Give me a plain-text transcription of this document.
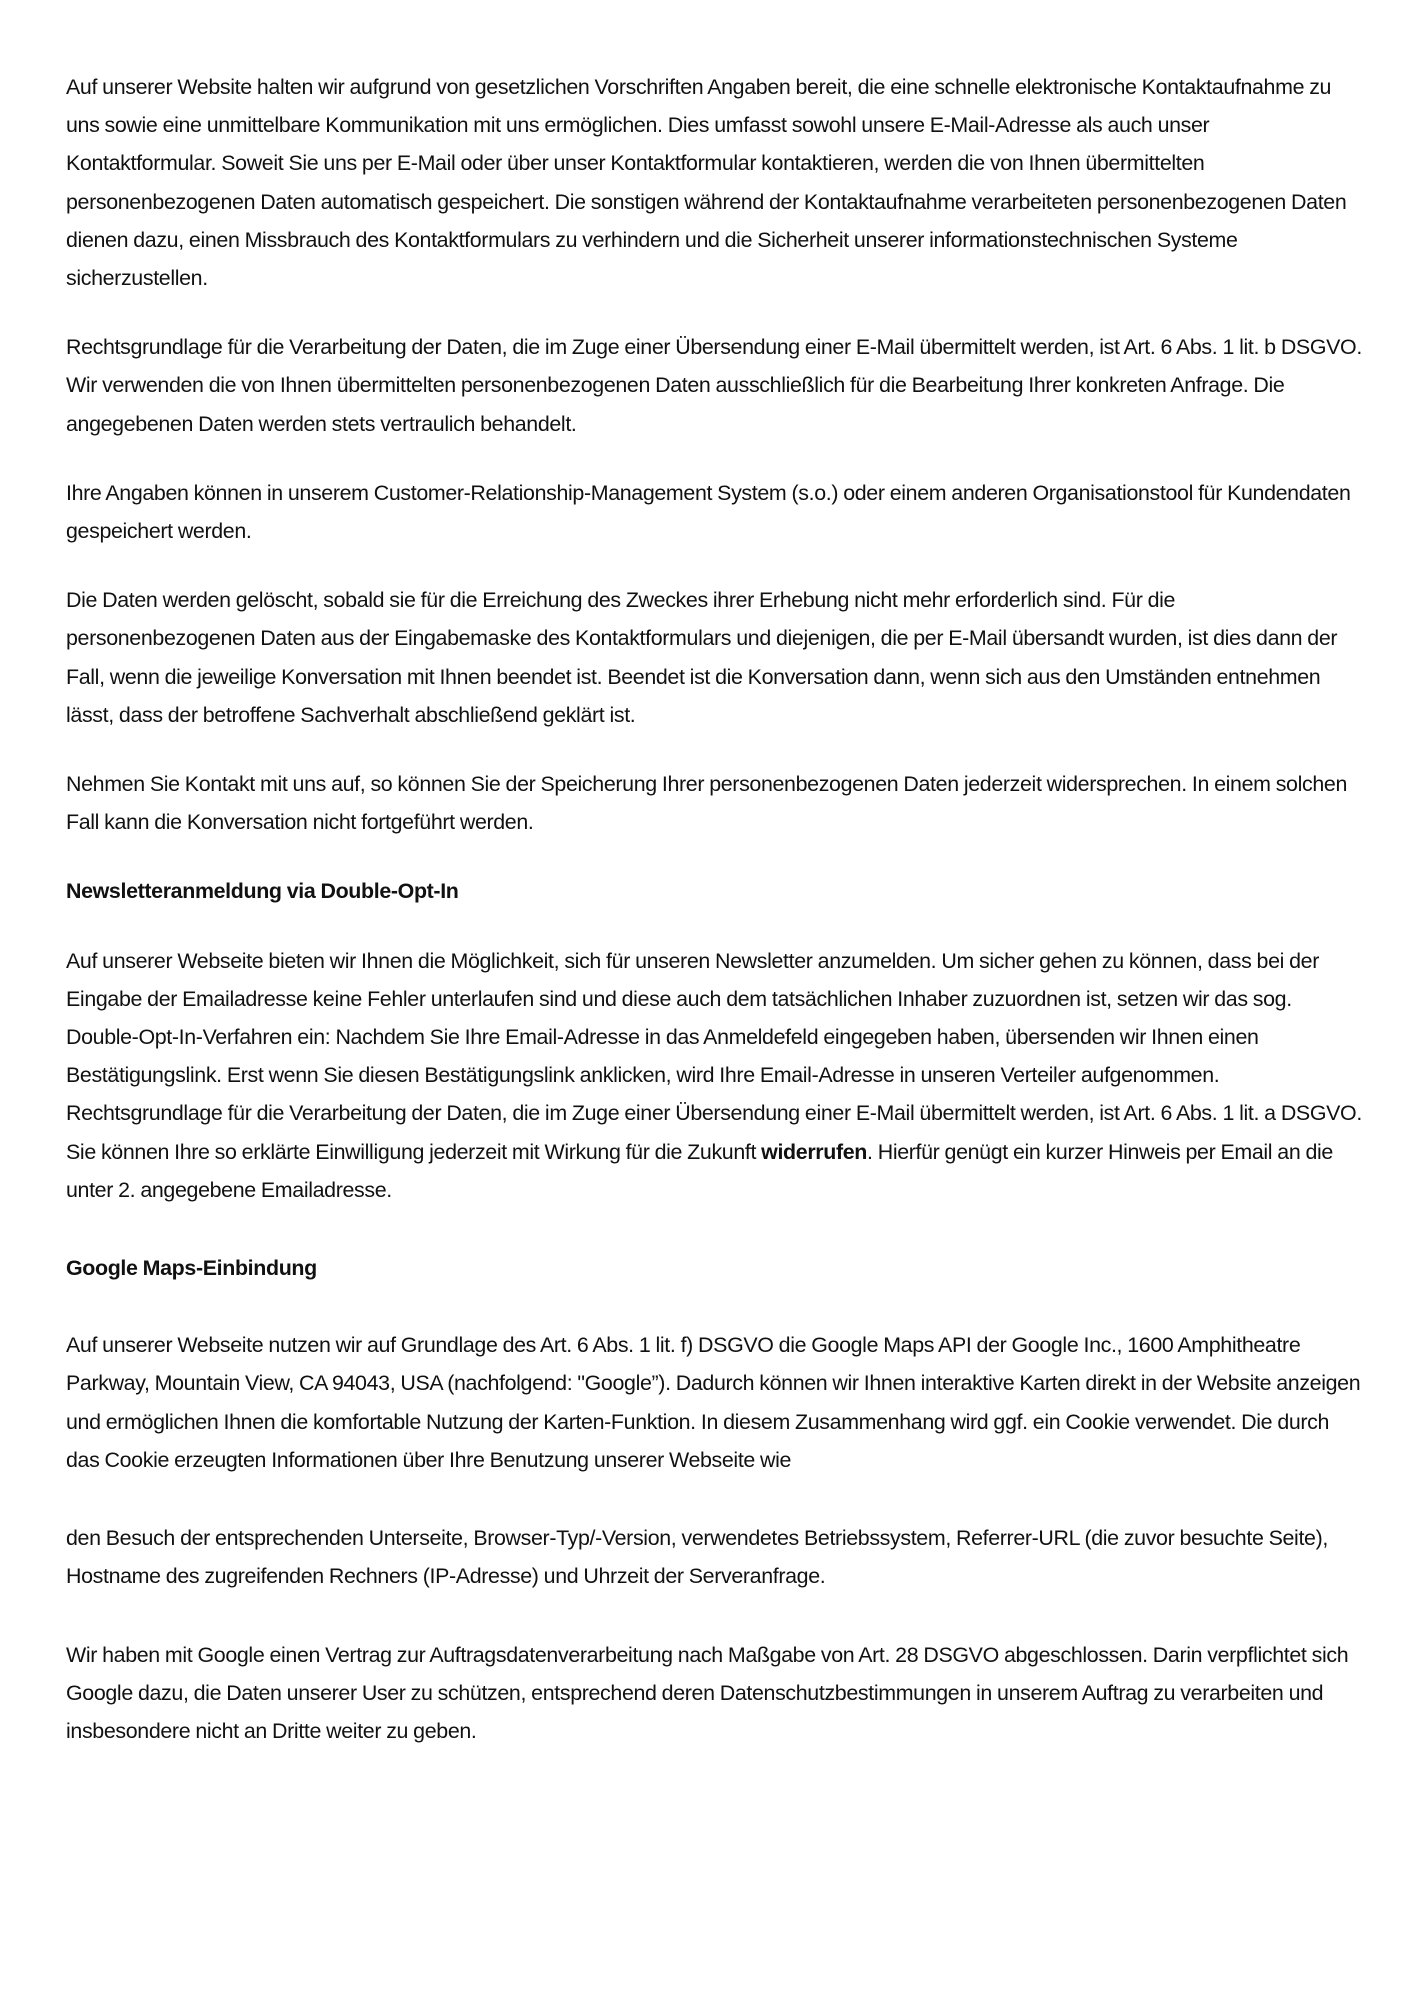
Auf unserer Website halten wir aufgrund von gesetzlichen Vorschriften Angaben bereit, die eine schnelle elektronische Kontaktaufnahme zu uns sowie eine unmittelbare Kommunikation mit uns ermöglichen. Dies umfasst sowohl unsere E-Mail-Adresse als auch unser Kontaktformular. Soweit Sie uns per E-Mail oder über unser Kontaktformular kontaktieren, werden die von Ihnen übermittelten personenbezogenen Daten automatisch gespeichert. Die sonstigen während der Kontaktaufnahme verarbeiteten personenbezogenen Daten dienen dazu, einen Missbrauch des Kontaktformulars zu verhindern und die Sicherheit unserer informationstechnischen Systeme sicherzustellen.

Rechtsgrundlage für die Verarbeitung der Daten, die im Zuge einer Übersendung einer E-Mail übermittelt werden, ist Art. 6 Abs. 1 lit. b DSGVO. Wir verwenden die von Ihnen übermittelten personenbezogenen Daten ausschließlich für die Bearbeitung Ihrer konkreten Anfrage. Die angegebenen Daten werden stets vertraulich behandelt.

Ihre Angaben können in unserem Customer-Relationship-Management System (s.o.) oder einem anderen Organisationstool für Kundendaten gespeichert werden.

Die Daten werden gelöscht, sobald sie für die Erreichung des Zweckes ihrer Erhebung nicht mehr erforderlich sind. Für die personenbezogenen Daten aus der Eingabemaske des Kontaktformulars und diejenigen, die per E-Mail übersandt wurden, ist dies dann der Fall, wenn die jeweilige Konversation mit Ihnen beendet ist. Beendet ist die Konversation dann, wenn sich aus den Umständen entnehmen lässt, dass der betroffene Sachverhalt abschließend geklärt ist.

Nehmen Sie Kontakt mit uns auf, so können Sie der Speicherung Ihrer personenbezogenen Daten jederzeit widersprechen. In einem solchen Fall kann die Konversation nicht fortgeführt werden.

Newsletteranmeldung via Double-Opt-In

Auf unserer Webseite bieten wir Ihnen die Möglichkeit, sich für unseren Newsletter anzumelden. Um sicher gehen zu können, dass bei der Eingabe der Emailadresse keine Fehler unterlaufen sind und diese auch dem tatsächlichen Inhaber zuzuordnen ist, setzen wir das sog. Double-Opt-In-Verfahren ein: Nachdem Sie Ihre Email-Adresse in das Anmeldefeld eingegeben haben, übersenden wir Ihnen einen Bestätigungslink. Erst wenn Sie diesen Bestätigungslink anklicken, wird Ihre Email-Adresse in unseren Verteiler aufgenommen. Rechtsgrundlage für die Verarbeitung der Daten, die im Zuge einer Übersendung einer E-Mail übermittelt werden, ist Art. 6 Abs. 1 lit. a DSGVO. Sie können Ihre so erklärte Einwilligung jederzeit mit Wirkung für die Zukunft widerrufen. Hierfür genügt ein kurzer Hinweis per Email an die unter 2. angegebene Emailadresse.

Google Maps-Einbindung

Auf unserer Webseite nutzen wir auf Grundlage des Art. 6 Abs. 1 lit. f) DSGVO die Google Maps API der Google Inc., 1600 Amphitheatre Parkway, Mountain View, CA 94043, USA (nachfolgend: "Google”). Dadurch können wir Ihnen interaktive Karten direkt in der Website anzeigen und ermöglichen Ihnen die komfortable Nutzung der Karten-Funktion. In diesem Zusammenhang wird ggf. ein Cookie verwendet. Die durch das Cookie erzeugten Informationen über Ihre Benutzung unserer Webseite wie

den Besuch der entsprechenden Unterseite, Browser-Typ/-Version, verwendetes Betriebssystem, Referrer-URL (die zuvor besuchte Seite), Hostname des zugreifenden Rechners (IP-Adresse) und Uhrzeit der Serveranfrage.

Wir haben mit Google einen Vertrag zur Auftragsdatenverarbeitung nach Maßgabe von Art. 28 DSGVO abgeschlossen. Darin verpflichtet sich Google dazu, die Daten unserer User zu schützen, entsprechend deren Datenschutzbestimmungen in unserem Auftrag zu verarbeiten und insbesondere nicht an Dritte weiter zu geben.
